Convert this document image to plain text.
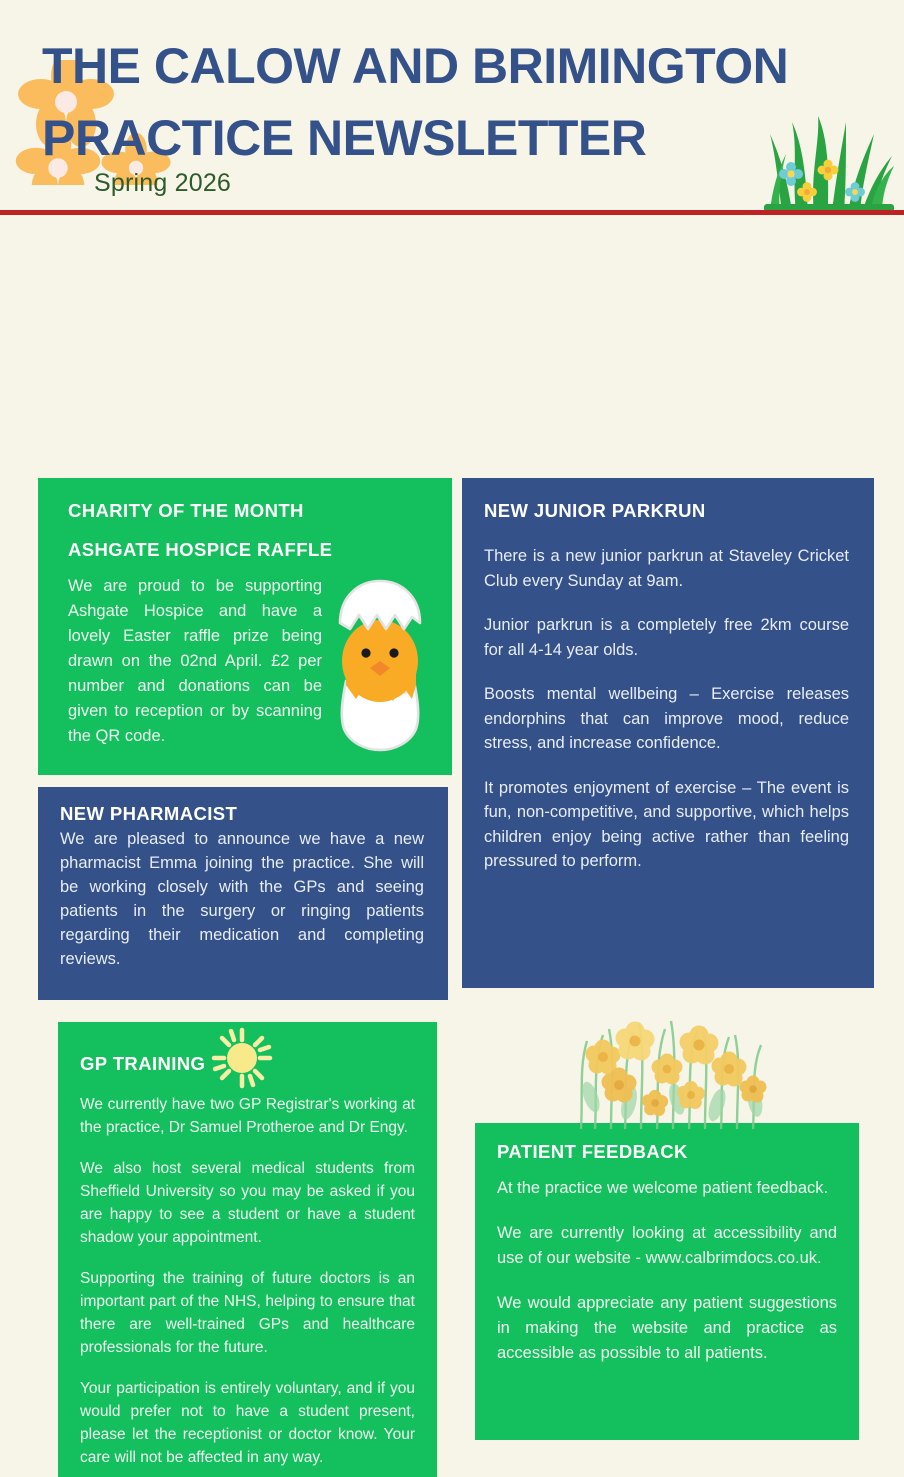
THE CALOW AND BRIMINGTON PRACTICE NEWSLETTER
Spring 2026
CHARITY OF THE MONTH
ASHGATE HOSPICE RAFFLE

We are proud to be supporting Ashgate Hospice and have a lovely Easter raffle prize being drawn on the 02nd April. £2 per number and donations can be given to reception or by scanning the QR code.

NEW JUNIOR PARKRUN

There is a new junior parkrun at Staveley Cricket Club every Sunday at 9am.

Junior parkrun is a completely free 2km course for all 4-14 year olds.

Boosts mental wellbeing – Exercise releases endorphins that can improve mood, reduce stress, and increase confidence.

It promotes enjoyment of exercise – The event is fun, non-competitive, and supportive, which helps children enjoy being active rather than feeling pressured to perform.

NEW PHARMACIST

We are pleased to announce we have a new pharmacist Emma joining the practice. She will be working closely with the GPs and seeing patients in the surgery or ringing patients regarding their medication and completing reviews.

GP TRAINING

We currently have two GP Registrar's working at the practice, Dr Samuel Protheroe and Dr Engy.

We also host several medical students from Sheffield University so you may be asked if you are happy to see a student or have a student shadow your appointment.

Supporting the training of future doctors is an important part of the NHS, helping to ensure that there are well-trained GPs and healthcare professionals for the future.

Your participation is entirely voluntary, and if you would prefer not to have a student present, please let the receptionist or doctor know. Your care will not be affected in any way.

PATIENT FEEDBACK

At the practice we welcome patient feedback.

We are currently looking at accessibility and use of our website - www.calbrimdocs.co.uk.

We would appreciate any patient suggestions in making the website and practice as accessible as possible to all patients.
